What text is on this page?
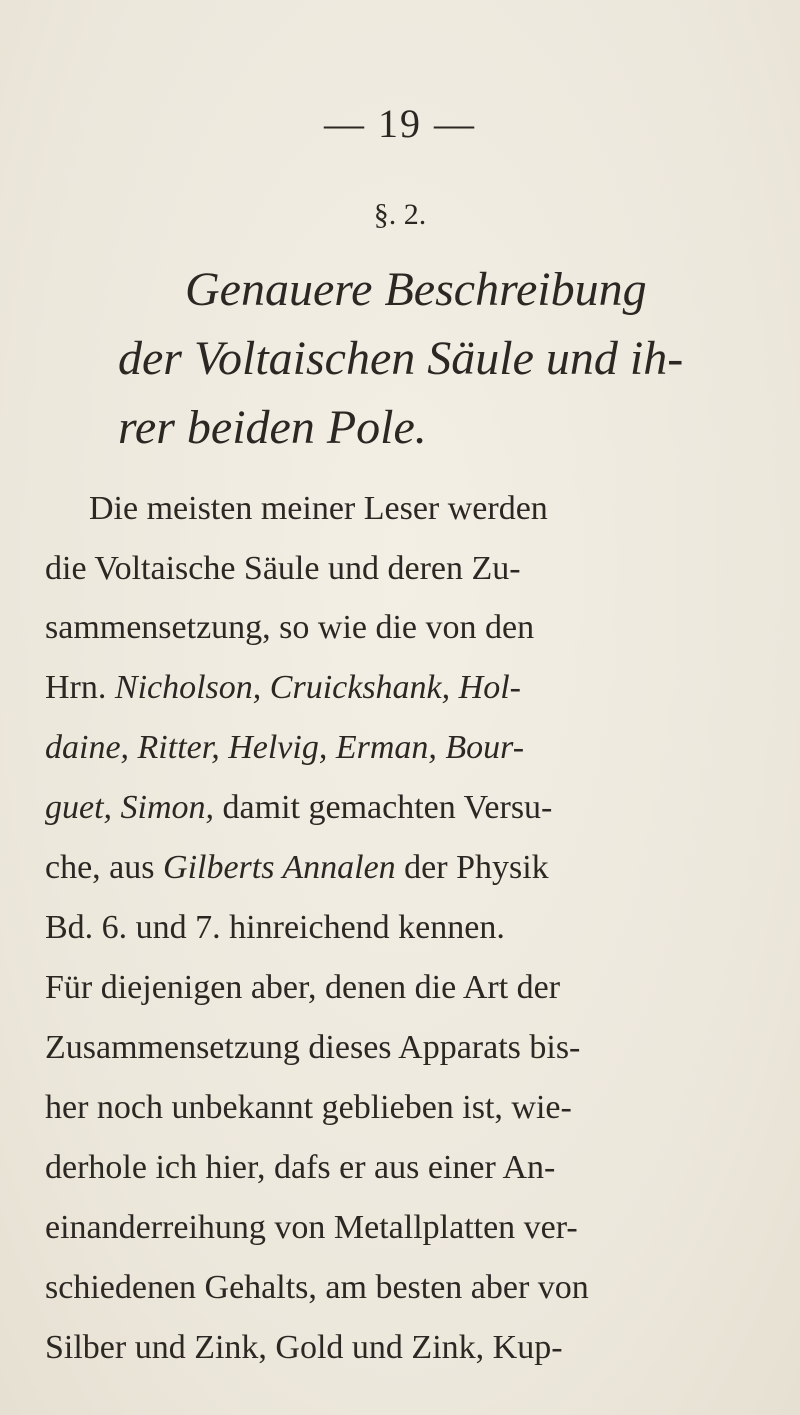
— 19 —
§. 2.
Genauere Beschreibung
der Voltaischen Säule und ih-
rer beiden Pole.
Die meisten meiner Leser werden
die Voltaische Säule und deren Zu-
sammensetzung, so wie die von den
Hrn. Nicholson, Cruickshank, Hol-
daine, Ritter, Helvig, Erman, Bour-
guet, Simon, damit gemachten Versu-
che, aus Gilberts Annalen der Physik
Bd. 6. und 7. hinreichend kennen.
Für diejenigen aber, denen die Art der
Zusammensetzung dieses Apparats bis-
her noch unbekannt geblieben ist, wie-
derhole ich hier, dafs er aus einer An-
einanderreihung von Metallplatten ver-
schiedenen Gehalts, am besten aber von
Silber und Zink, Gold und Zink, Kup-
